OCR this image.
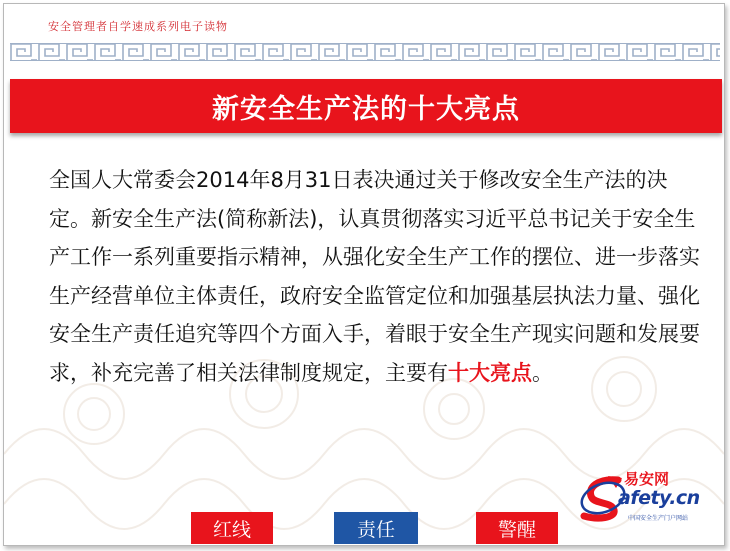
安全管理者自学速成系列电子读物
新安全生产法的十大亮点
全国人大常委会2014年8月31日表决通过关于修改安全生产法的决定。新安全生产法(简称新法)，认真贯彻落实习近平总书记关于安全生产工作一系列重要指示精神，从强化安全生产工作的摆位、进一步落实生产经营单位主体责任，政府安全监管定位和加强基层执法力量、强化安全生产责任追究等四个方面入手，着眼于安全生产现实问题和发展要求，补充完善了相关法律制度规定，主要有十大亮点。
易安网
afety.cn
中国安全生产门户网站
红线	责任	警醒
